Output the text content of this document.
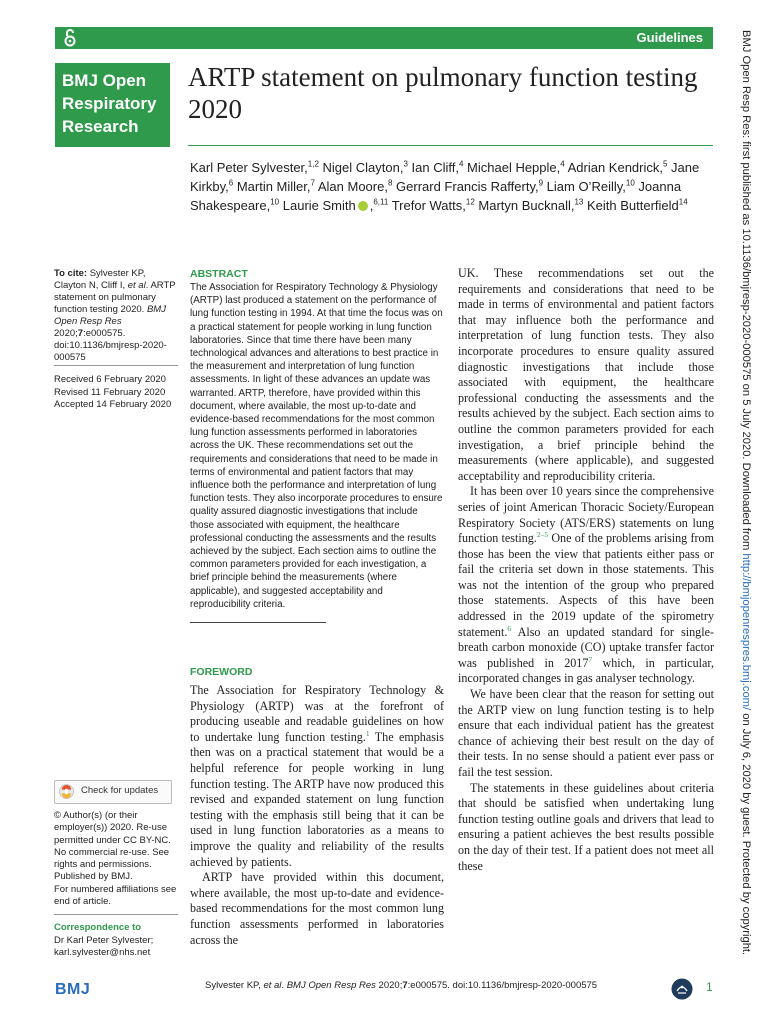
Guidelines
BMJ Open
Respiratory
Research
ARTP statement on pulmonary function testing 2020
Karl Peter Sylvester,$^{1,2}$ Nigel Clayton,$^3$ Ian Cliff,$^4$ Michael Hepple,$^4$ Adrian Kendrick,$^5$ Jane Kirkby,$^6$ Martin Miller,$^7$ Alan Moore,$^8$ Gerrard Francis Rafferty,$^9$ Liam O’Reilly,$^{10}$ Joanna Shakespeare,$^{10}$ Laurie Smith ,$^{6,11}$ Trefor Watts,$^{12}$ Martyn Bucknall,$^{13}$ Keith Butterfield$^{14}$
To cite: Sylvester KP, Clayton N, Cliff I, et al. ARTP statement on pulmonary function testing 2020. BMJ Open Resp Res 2020;7:e000575. doi:10.1136/bmjresp-2020-000575
Received 6 February 2020
Revised 11 February 2020
Accepted 14 February 2020
ABSTRACT
The Association for Respiratory Technology & Physiology (ARTP) last produced a statement on the performance of lung function testing in 1994. At that time the focus was on a practical statement for people working in lung function laboratories. Since that time there have been many technological advances and alterations to best practice in the measurement and interpretation of lung function assessments. In light of these advances an update was warranted. ARTP, therefore, have provided within this document, where available, the most up-to-date and evidence-based recommendations for the most common lung function assessments performed in laboratories across the UK. These recommendations set out the requirements and considerations that need to be made in terms of environmental and patient factors that may influence both the performance and interpretation of lung function tests. They also incorporate procedures to ensure quality assured diagnostic investigations that include those associated with equipment, the healthcare professional conducting the assessments and the results achieved by the subject. Each section aims to outline the common parameters provided for each investigation, a brief principle behind the measurements (where applicable), and suggested acceptability and reproducibility criteria.
FOREWORD

The Association for Respiratory Technology & Physiology (ARTP) was at the forefront of producing useable and readable guidelines on how to undertake lung function testing.$^1$ The emphasis then was on a practical statement that would be a helpful reference for people working in lung function testing. The ARTP have now produced this revised and expanded statement on lung function testing with the emphasis still being that it can be used in lung function laboratories as a means to improve the quality and reliability of the results achieved by patients.

ARTP have provided within this document, where available, the most up-to-date and evidence-based recommendations for the most common lung function assessments performed in laboratories across the

UK. These recommendations set out the requirements and considerations that need to be made in terms of environmental and patient factors that may influence both the performance and interpretation of lung function tests. They also incorporate procedures to ensure quality assured diagnostic investigations that include those associated with equipment, the healthcare professional conducting the assessments and the results achieved by the subject. Each section aims to outline the common parameters provided for each investigation, a brief principle behind the measurements (where applicable), and suggested acceptability and reproducibility criteria.

It has been over 10 years since the comprehensive series of joint American Thoracic Society/European Respiratory Society (ATS/ERS) statements on lung function testing.$^{2-5}$ One of the problems arising from those has been the view that patients either pass or fail the criteria set down in those statements. This was not the intention of the group who prepared those statements. Aspects of this have been addressed in the 2019 update of the spirometry statement.$^6$ Also an updated standard for single-breath carbon monoxide (CO) uptake transfer factor was published in 2017$^7$ which, in particular, incorporated changes in gas analyser technology.

We have been clear that the reason for setting out the ARTP view on lung function testing is to help ensure that each individual patient has the greatest chance of achieving their best result on the day of their tests. In no sense should a patient ever pass or fail the test session.

The statements in these guidelines about criteria that should be satisfied when undertaking lung function testing outline goals and drivers that lead to ensuring a patient achieves the best results possible on the day of their test. If a patient does not meet all these

Check for updates
© Author(s) (or their employer(s)) 2020. Re-use permitted under CC BY-NC. No commercial re-use. See rights and permissions. Published by BMJ.
For numbered affiliations see end of article.
Correspondence to
Dr Karl Peter Sylvester;
karl.sylvester@nhs.net
BMJ	Sylvester KP, et al. BMJ Open Resp Res 2020;7:e000575. doi:10.1136/bmjresp-2020-000575	1
BMJ Open Resp Res: first published as 10.1136/bmjresp-2020-000575 on 5 July 2020. Downloaded from http://bmjopenrespres.bmj.com/ on July 6, 2020 by guest. Protected by copyright.
